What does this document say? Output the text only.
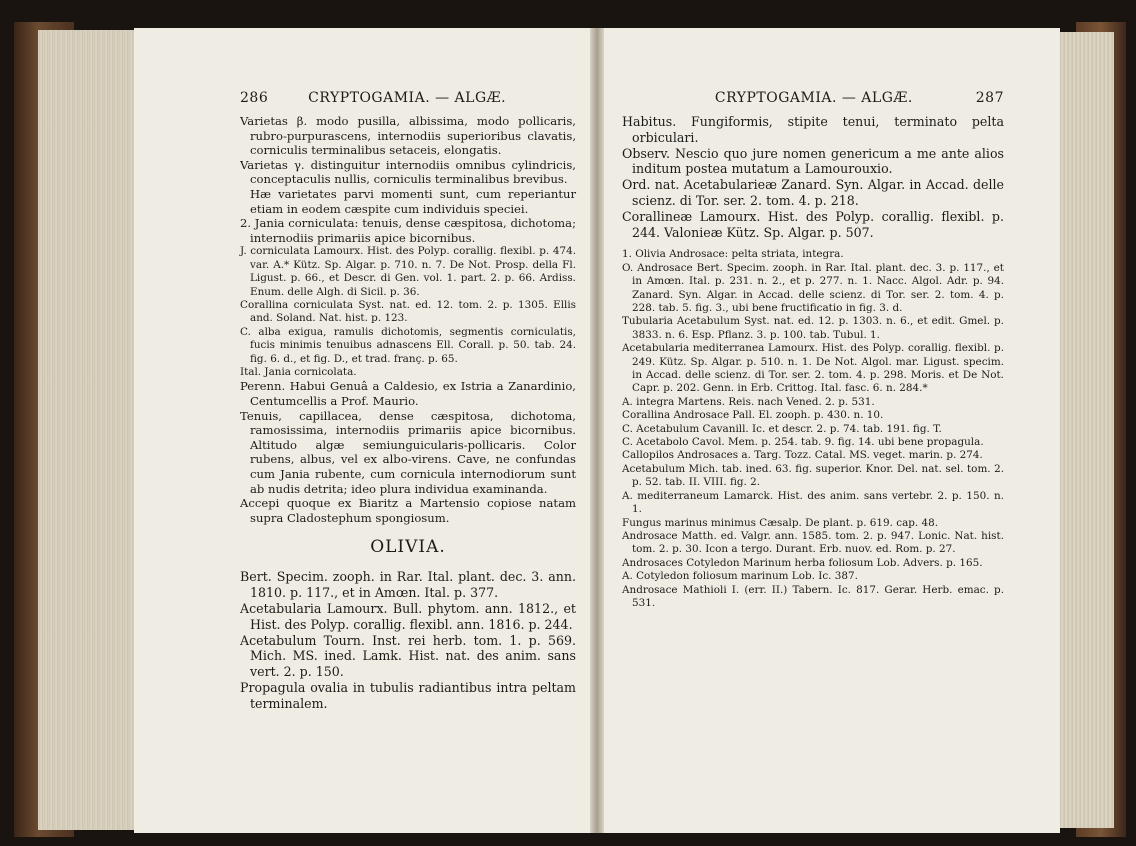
286	CRYPTOGAMIA. — ALGÆ.

Varietas β. modo pusilla, albissima, modo pollicaris, rubro-purpurascens, internodiis superioribus clavatis, corniculis terminalibus setaceis, elongatis.

Varietas γ. distinguitur internodiis omnibus cylindricis, conceptaculis nullis, corniculis terminalibus brevibus.

Hæ varietates parvi momenti sunt, cum reperiantur etiam in eodem cæspite cum individuis speciei.

2. Jania corniculata: tenuis, dense cæspitosa, dichotoma; internodiis primariis apice bicornibus.

J. corniculata Lamourx. Hist. des Polyp. corallig. flexibl. p. 474. var. A.* Kütz. Sp. Algar. p. 710. n. 7. De Not. Prosp. della Fl. Ligust. p. 66., et Descr. di Gen. vol. 1. part. 2. p. 66. Ardiss. Enum. delle Algh. di Sicil. p. 36.

Corallina corniculata Syst. nat. ed. 12. tom. 2. p. 1305. Ellis and. Soland. Nat. hist. p. 123.

C. alba exigua, ramulis dichotomis, segmentis corniculatis, fucis minimis tenuibus adnascens Ell. Corall. p. 50. tab. 24. fig. 6. d., et fig. D., et trad. franç. p. 65.

Ital. Jania cornicolata.

Perenn. Habui Genuâ a Caldesio, ex Istria a Zanardinio, Centumcellis a Prof. Maurio.

Tenuis, capillacea, dense cæspitosa, dichotoma, ramosissima, internodiis primariis apice bicornibus. Altitudo algæ semiunguicularis-pollicaris. Color rubens, albus, vel ex albo-virens. Cave, ne confundas cum Jania rubente, cum cornicula internodiorum sunt ab nudis detrita; ideo plura individua examinanda.

Accepi quoque ex Biaritz a Martensio copiose natam supra Cladostephum spongiosum.

OLIVIA.

Bert. Specim. zooph. in Rar. Ital. plant. dec. 3. ann. 1810. p. 117., et in Amœn. Ital. p. 377.

Acetabularia Lamourx. Bull. phytom. ann. 1812., et Hist. des Polyp. corallig. flexibl. ann. 1816. p. 244.

Acetabulum Tourn. Inst. rei herb. tom. 1. p. 569. Mich. MS. ined. Lamk. Hist. nat. des anim. sans vert. 2. p. 150.

Propagula ovalia in tubulis radiantibus intra peltam terminalem.

CRYPTOGAMIA. — ALGÆ.	287

Habitus. Fungiformis, stipite tenui, terminato pelta orbiculari.

Observ. Nescio quo jure nomen genericum a me ante alios inditum postea mutatum a Lamourouxio.

Ord. nat. Acetabularieæ Zanard. Syn. Algar. in Accad. delle scienz. di Tor. ser. 2. tom. 4. p. 218.

Corallineæ Lamourx. Hist. des Polyp. corallig. flexibl. p. 244. Valonieæ Kütz. Sp. Algar. p. 507.

1. Olivia Androsace: pelta striata, integra.

O. Androsace Bert. Specim. zooph. in Rar. Ital. plant. dec. 3. p. 117., et in Amœn. Ital. p. 231. n. 2., et p. 277. n. 1. Nacc. Algol. Adr. p. 94. Zanard. Syn. Algar. in Accad. delle scienz. di Tor. ser. 2. tom. 4. p. 228. tab. 5. fig. 3., ubi bene fructificatio in fig. 3. d.

Tubularia Acetabulum Syst. nat. ed. 12. p. 1303. n. 6., et edit. Gmel. p. 3833. n. 6. Esp. Pflanz. 3. p. 100. tab. Tubul. 1.

Acetabularia mediterranea Lamourx. Hist. des Polyp. corallig. flexibl. p. 249. Kütz. Sp. Algar. p. 510. n. 1. De Not. Algol. mar. Ligust. specim. in Accad. delle scienz. di Tor. ser. 2. tom. 4. p. 298. Moris. et De Not. Capr. p. 202. Genn. in Erb. Crittog. Ital. fasc. 6. n. 284.*

A. integra Martens. Reis. nach Vened. 2. p. 531.

Corallina Androsace Pall. El. zooph. p. 430. n. 10.

C. Acetabulum Cavanill. Ic. et descr. 2. p. 74. tab. 191. fig. T.

C. Acetabolo Cavol. Mem. p. 254. tab. 9. fig. 14. ubi bene propagula.

Callopilos Androsaces a. Targ. Tozz. Catal. MS. veget. marin. p. 274.

Acetabulum Mich. tab. ined. 63. fig. superior. Knor. Del. nat. sel. tom. 2. p. 52. tab. II. VIII. fig. 2.

A. mediterraneum Lamarck. Hist. des anim. sans vertebr. 2. p. 150. n. 1.

Fungus marinus minimus Cæsalp. De plant. p. 619. cap. 48.

Androsace Matth. ed. Valgr. ann. 1585. tom. 2. p. 947. Lonic. Nat. hist. tom. 2. p. 30. Icon a tergo. Durant. Erb. nuov. ed. Rom. p. 27.

Androsaces Cotyledon Marinum herba foliosum Lob. Advers. p. 165.

A. Cotyledon foliosum marinum Lob. Ic. 387.

Androsace Mathioli I. (err. II.) Tabern. Ic. 817. Gerar. Herb. emac. p. 531.
